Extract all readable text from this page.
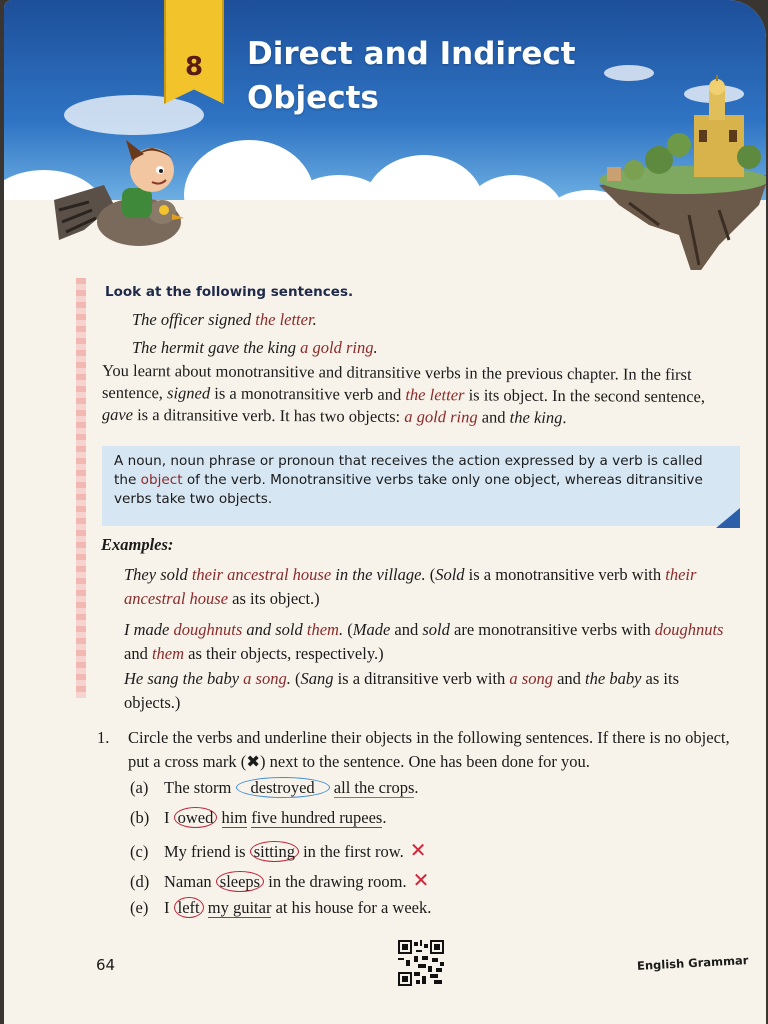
8 Direct and Indirect
Objects
Look at the following sentences.
The officer signed the letter.
The hermit gave the king a gold ring.
You learnt about monotransitive and ditransitive verbs in the previous chapter. In the first sentence, signed is a monotransitive verb and the letter is its object. In the second sentence, gave is a ditransitive verb. It has two objects: a gold ring and the king.
A noun, noun phrase or pronoun that receives the action expressed by a verb is called the object of the verb. Monotransitive verbs take only one object, whereas ditransitive verbs take two objects.
Examples:
They sold their ancestral house in the village. (Sold is a monotransitive verb with their ancestral house as its object.)
I made doughnuts and sold them. (Made and sold are monotransitive verbs with doughnuts and them as their objects, respectively.)
He sang the baby a song. (Sang is a ditransitive verb with a song and the baby as its objects.)
1. Circle the verbs and underline their objects in the following sentences. If there is no object, put a cross mark (✖) next to the sentence. One has been done for you.
(a) The storm destroyed all the crops.
(b) I owed him five hundred rupees.
(c) My friend is sitting in the first row. ✕
(d) Naman sleeps in the drawing room. ✕
(e) I left my guitar at his house for a week.
64	English Grammar
